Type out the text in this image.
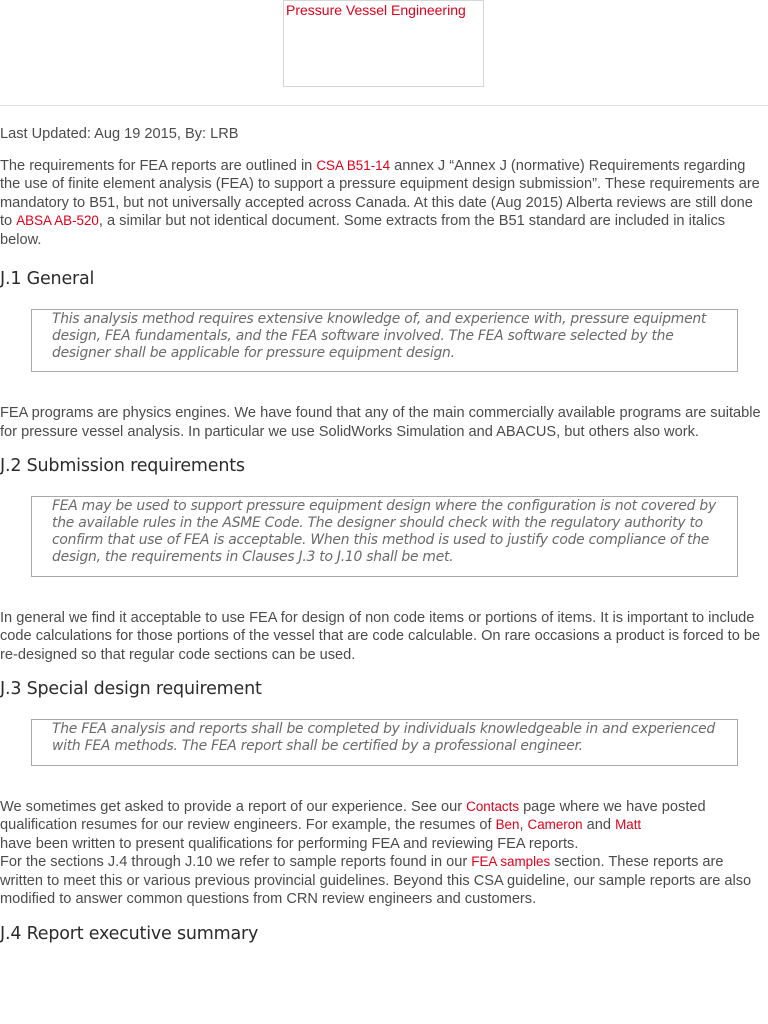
Pressure Vessel Engineering

Last Updated: Aug 19 2015, By: LRB

The requirements for FEA reports are outlined in CSA B51-14 annex J “Annex J (normative) Requirements regarding the use of finite element analysis (FEA) to support a pressure equipment design submission”. These requirements are mandatory to B51, but not universally accepted across Canada. At this date (Aug 2015) Alberta reviews are still done to ABSA AB-520, a similar but not identical document. Some extracts from the B51 standard are included in italics below.

J.1 General

This analysis method requires extensive knowledge of, and experience with, pressure equipment design, FEA fundamentals, and the FEA software involved. The FEA software selected by the designer shall be applicable for pressure equipment design.

FEA programs are physics engines. We have found that any of the main commercially available programs are suitable for pressure vessel analysis. In particular we use SolidWorks Simulation and ABACUS, but others also work.

J.2 Submission requirements

FEA may be used to support pressure equipment design where the configuration is not covered by the available rules in the ASME Code. The designer should check with the regulatory authority to confirm that use of FEA is acceptable. When this method is used to justify code compliance of the design, the requirements in Clauses J.3 to J.10 shall be met.

In general we find it acceptable to use FEA for design of non code items or portions of items. It is important to include code calculations for those portions of the vessel that are code calculable. On rare occasions a product is forced to be re-designed so that regular code sections can be used.

J.3 Special design requirement

The FEA analysis and reports shall be completed by individuals knowledgeable in and experienced with FEA methods. The FEA report shall be certified by a professional engineer.

We sometimes get asked to provide a report of our experience. See our Contacts page where we have posted qualification resumes for our review engineers. For example, the resumes of Ben, Cameron and Matt
have been written to present qualifications for performing FEA and reviewing FEA reports.

For the sections J.4 through J.10 we refer to sample reports found in our FEA samples section. These reports are written to meet this or various previous provincial guidelines. Beyond this CSA guideline, our sample reports are also modified to answer common questions from CRN review engineers and customers.

J.4 Report executive summary
